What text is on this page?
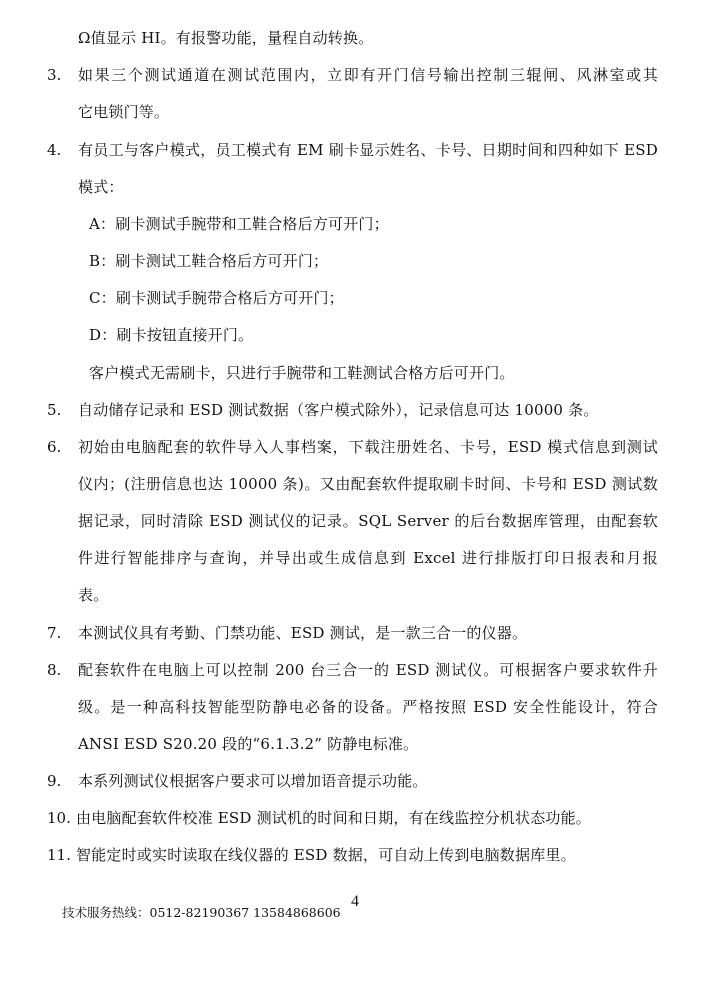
Ω值显示 HI。有报警功能，量程自动转换。
3. 如果三个测试通道在测试范围内，立即有开门信号输出控制三辊闸、风淋室或其
它电锁门等。
4. 有员工与客户模式，员工模式有 EM 刷卡显示姓名、卡号、日期时间和四种如下 ESD
模式：
A：刷卡测试手腕带和工鞋合格后方可开门；
B：刷卡测试工鞋合格后方可开门；
C：刷卡测试手腕带合格后方可开门；
D：刷卡按钮直接开门。
客户模式无需刷卡，只进行手腕带和工鞋测试合格方后可开门。
5. 自动储存记录和 ESD 测试数据（客户模式除外），记录信息可达 10000 条。
6. 初始由电脑配套的软件导入人事档案，下载注册姓名、卡号，ESD 模式信息到测试
仪内；(注册信息也达 10000 条)。又由配套软件提取刷卡时间、卡号和 ESD 测试数
据记录，同时清除 ESD 测试仪的记录。SQL Server 的后台数据库管理，由配套软
件进行智能排序与查询，并导出或生成信息到 Excel 进行排版打印日报表和月报
表。
7. 本测试仪具有考勤、门禁功能、ESD 测试，是一款三合一的仪器。
8. 配套软件在电脑上可以控制 200 台三合一的 ESD 测试仪。可根据客户要求软件升
级。是一种高科技智能型防静电必备的设备。严格按照 ESD 安全性能设计，符合
ANSI ESD S20.20 段的“6.1.3.2” 防静电标准。
9. 本系列测试仪根据客户要求可以增加语音提示功能。
10. 由电脑配套软件校准 ESD 测试机的时间和日期，有在线监控分机状态功能。
11. 智能定时或实时读取在线仪器的 ESD 数据，可自动上传到电脑数据库里。
技术服务热线：0512-82190367 13584868606
4
